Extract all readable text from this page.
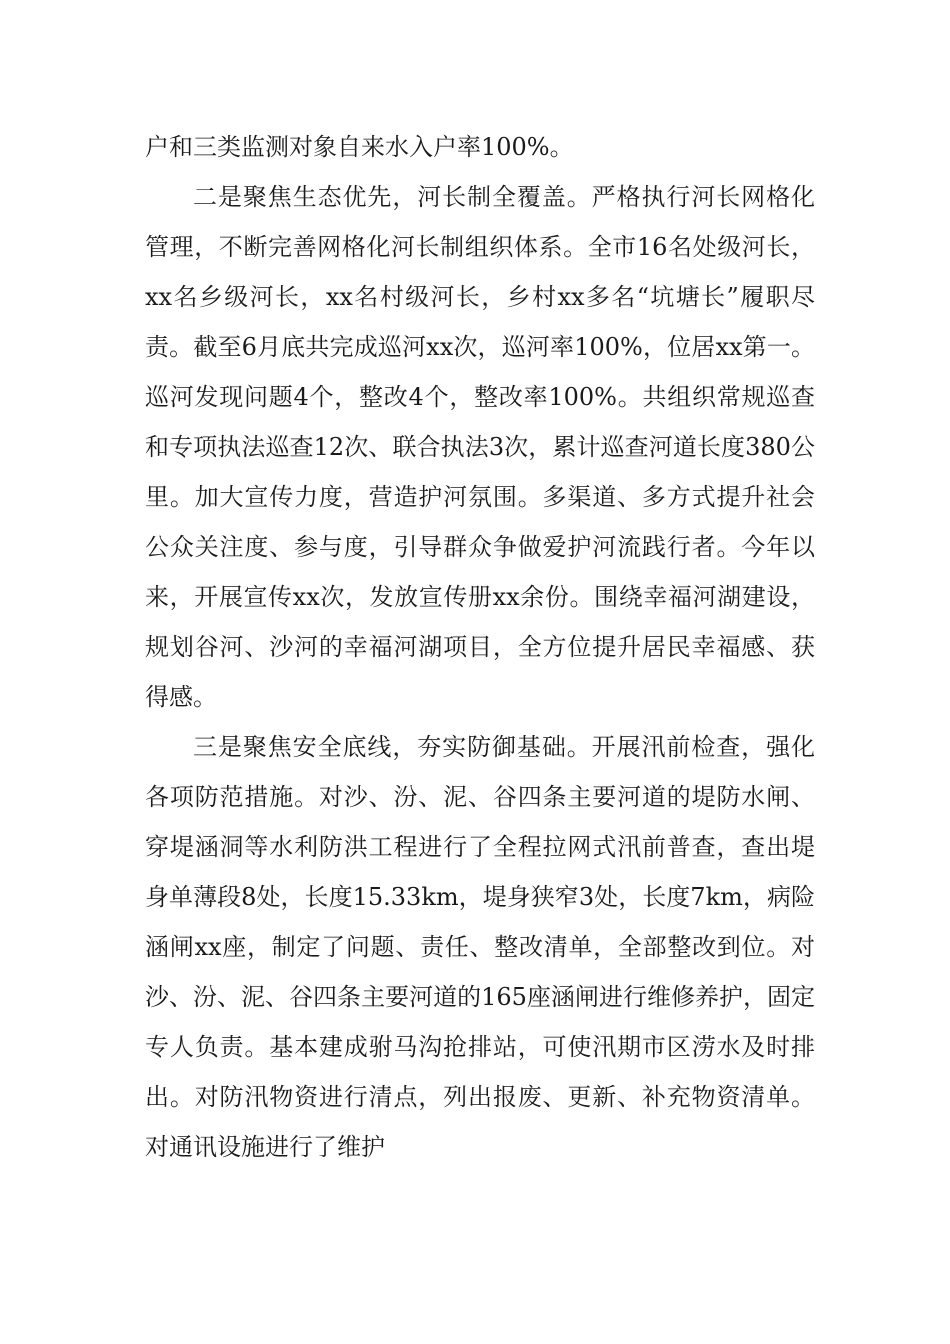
户和三类监测对象自来水入户率100%。

二是聚焦生态优先，河长制全覆盖。严格执行河长网格化管理，不断完善网格化河长制组织体系。全市16名处级河长，xx名乡级河长，xx名村级河长，乡村xx多名“坑塘长”履职尽责。截至6月底共完成巡河xx次，巡河率100%，位居xx第一。巡河发现问题4个，整改4个，整改率100%。共组织常规巡查和专项执法巡查12次、联合执法3次，累计巡查河道长度380公里。加大宣传力度，营造护河氛围。多渠道、多方式提升社会公众关注度、参与度，引导群众争做爱护河流践行者。今年以来，开展宣传xx次，发放宣传册xx余份。围绕幸福河湖建设，规划谷河、沙河的幸福河湖项目，全方位提升居民幸福感、获得感。

三是聚焦安全底线，夯实防御基础。开展汛前检查，强化各项防范措施。对沙、汾、泥、谷四条主要河道的堤防水闸、穿堤涵洞等水利防洪工程进行了全程拉网式汛前普查，查出堤身单薄段8处，长度15.33km，堤身狭窄3处，长度7km，病险涵闸xx座，制定了问题、责任、整改清单，全部整改到位。对沙、汾、泥、谷四条主要河道的165座涵闸进行维修养护，固定专人负责。基本建成驸马沟抢排站，可使汛期市区涝水及时排出。对防汛物资进行清点，列出报废、更新、补充物资清单。对通讯设施进行了维护
